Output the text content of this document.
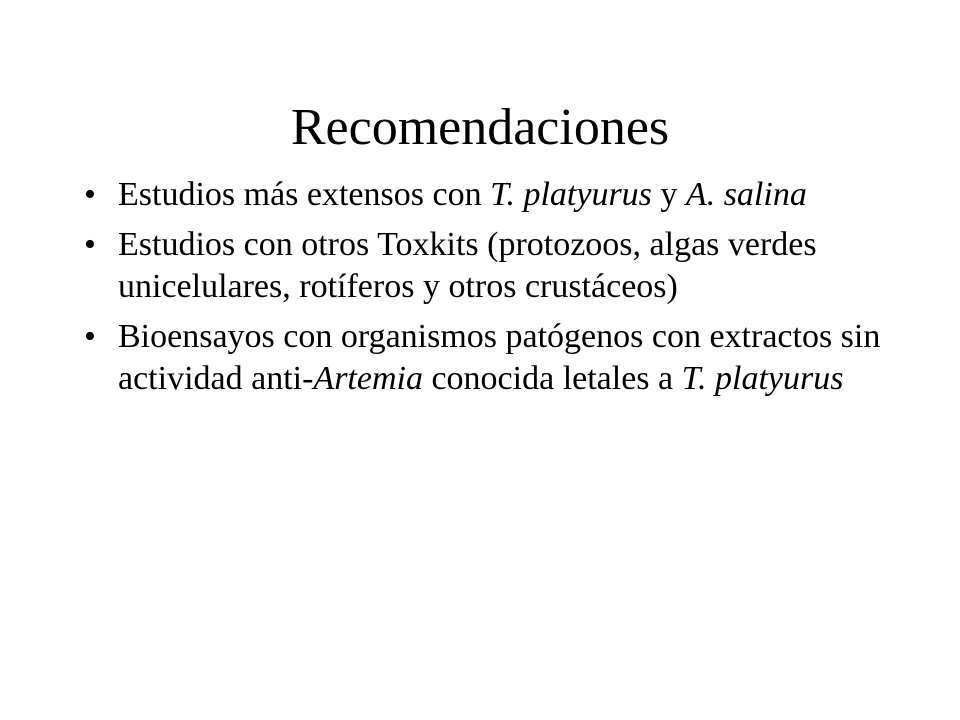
Recomendaciones
• Estudios más extensos con T. platyurus y A. salina
• Estudios con otros Toxkits (protozoos, algas verdes unicelulares, rotíferos y otros crustáceos)
• Bioensayos con organismos patógenos con extractos sin actividad anti-Artemia conocida letales a T. platyurus
